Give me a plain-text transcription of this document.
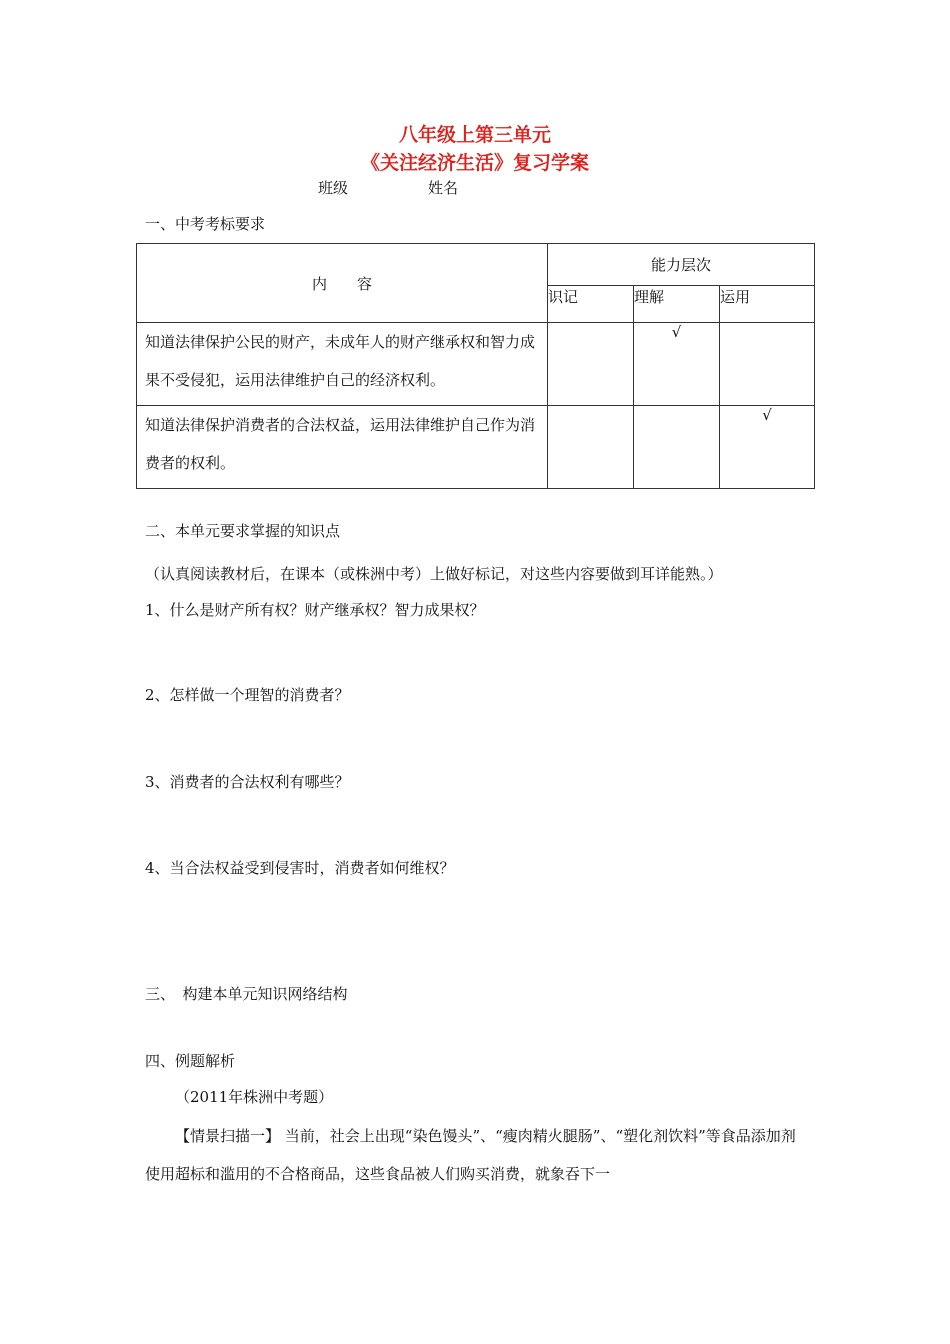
八年级上第三单元
《关注经济生活》复习学案
班级	姓名
一、中考考标要求
内　　容	能力层次		
	识记	理解	运用

知道法律保护公民的财产，未成年人的财产继承权和智力成果不受侵犯，运用法律维护自己的经济权利。		√	

知道法律保护消费者的合法权益，运用法律维护自己作为消费者的权利。			√
二、本单元要求掌握的知识点
（认真阅读教材后，在课本（或株洲中考）上做好标记，对这些内容要做到耳详能熟。）
1、什么是财产所有权？财产继承权？智力成果权？
2、怎样做一个理智的消费者？
3、消费者的合法权利有哪些？
4、当合法权益受到侵害时，消费者如何维权？
三、　构建本单元知识网络结构
四、例题解析
（2011年株洲中考题）
【情景扫描一】 当前，社会上出现“染色馒头”、“瘦肉精火腿肠”、“塑化剂饮料”等食品添加剂使用超标和滥用的不合格商品，这些食品被人们购买消费，就象吞下一
